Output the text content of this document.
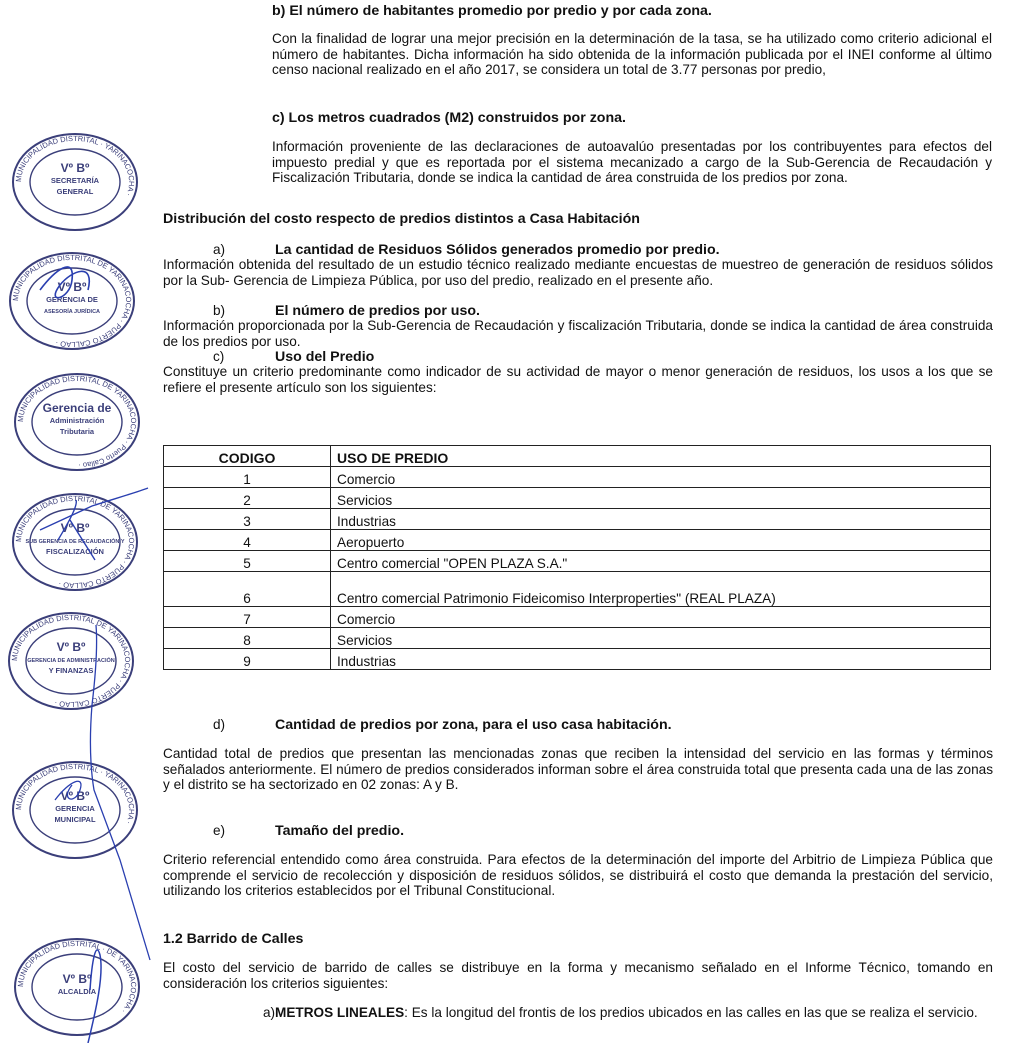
b) El número de habitantes promedio por predio y por cada zona.

Con la finalidad de lograr una mejor precisión en la determinación de la tasa, se ha utilizado como criterio adicional el número de habitantes. Dicha información ha sido obtenida de la información publicada por el INEI conforme al último censo nacional realizado en el año 2017, se considera un total de 3.77 personas por predio,

c) Los metros cuadrados (M2) construidos por zona.

Información proveniente de las declaraciones de autoavalúo presentadas por los contribuyentes para efectos del impuesto predial y que es reportada por el sistema mecanizado a cargo de la Sub-Gerencia de Recaudación y Fiscalización Tributaria, donde se indica la cantidad de área construida de los predios por zona.

Distribución del costo respecto de predios distintos a Casa Habitación
a)	La cantidad de Residuos Sólidos generados promedio por predio.

Información obtenida del resultado de un estudio técnico realizado mediante encuestas de muestreo de generación de residuos sólidos por la Sub- Gerencia de Limpieza Pública, por uso del predio, realizado en el presente año.

b)	El número de predios por uso.

Información proporcionada por la Sub-Gerencia de Recaudación y fiscalización Tributaria, donde se indica la cantidad de área construida de los predios por uso.

c)	Uso del Predio

Constituye un criterio predominante como indicador de su actividad de mayor o menor generación de residuos, los usos a los que se refiere el presente artículo son los siguientes:

CODIGO	USO DE PREDIO
1	Comercio
2	Servicios
3	Industrias
4	Aeropuerto
5	Centro comercial "OPEN PLAZA S.A."
6	Centro comercial Patrimonio Fideicomiso Interproperties" (REAL PLAZA)
7	Comercio
8	Servicios
9	Industrias
d)	Cantidad de predios por zona, para el uso casa habitación.

Cantidad total de predios que presentan las mencionadas zonas que reciben la intensidad del servicio en las formas y términos señalados anteriormente. El número de predios considerados informan sobre el área construida total que presenta cada una de las zonas y el distrito se ha sectorizado en 02 zonas: A y B.

e)	Tamaño del predio.

Criterio referencial entendido como área construida. Para efectos de la determinación del importe del Arbitrio de Limpieza Pública que comprende el servicio de recolección y disposición de residuos sólidos, se distribuirá el costo que demanda la prestación del servicio, utilizando los criterios establecidos por el Tribunal Constitucional.

1.2 Barrido de Calles

El costo del servicio de barrido de calles se distribuye en la forma y mecanismo señalado en el Informe Técnico, tomando en consideración los criterios siguientes:

a)METROS LINEALES: Es la longitud del frontis de los predios ubicados en las calles en las que se realiza el servicio.

MUNICIPALIDAD DISTRITAL · YARINACOCHA ·
Vº Bº
SECRETARÍA
GENERAL
MUNICIPALIDAD DISTRITAL DE YARINACOCHA · PUERTO CALLAO ·
Vº Bº
GERENCIA DE
ASESORÍA JURÍDICA
MUNICIPALIDAD DISTRITAL DE YARINACOCHA · Puerto Callao ·
Gerencia de
Administración
Tributaria
MUNICIPALIDAD DISTRITAL DE YARINACOCHA · PUERTO CALLAO ·
Vº Bº
SUB GERENCIA DE RECAUDACIÓN Y
FISCALIZACIÓN
MUNICIPALIDAD DISTRITAL DE YARINACOCHA · PUERTO CALLAO ·
Vº Bº
GERENCIA DE ADMINISTRACIÓN
Y FINANZAS
MUNICIPALIDAD DISTRITAL · YARINACOCHA ·
Vº Bº
GERENCIA
MUNICIPAL
MUNICIPALIDAD DISTRITAL · DE YARINACOCHA ·
Vº Bº
ALCALDÍA
